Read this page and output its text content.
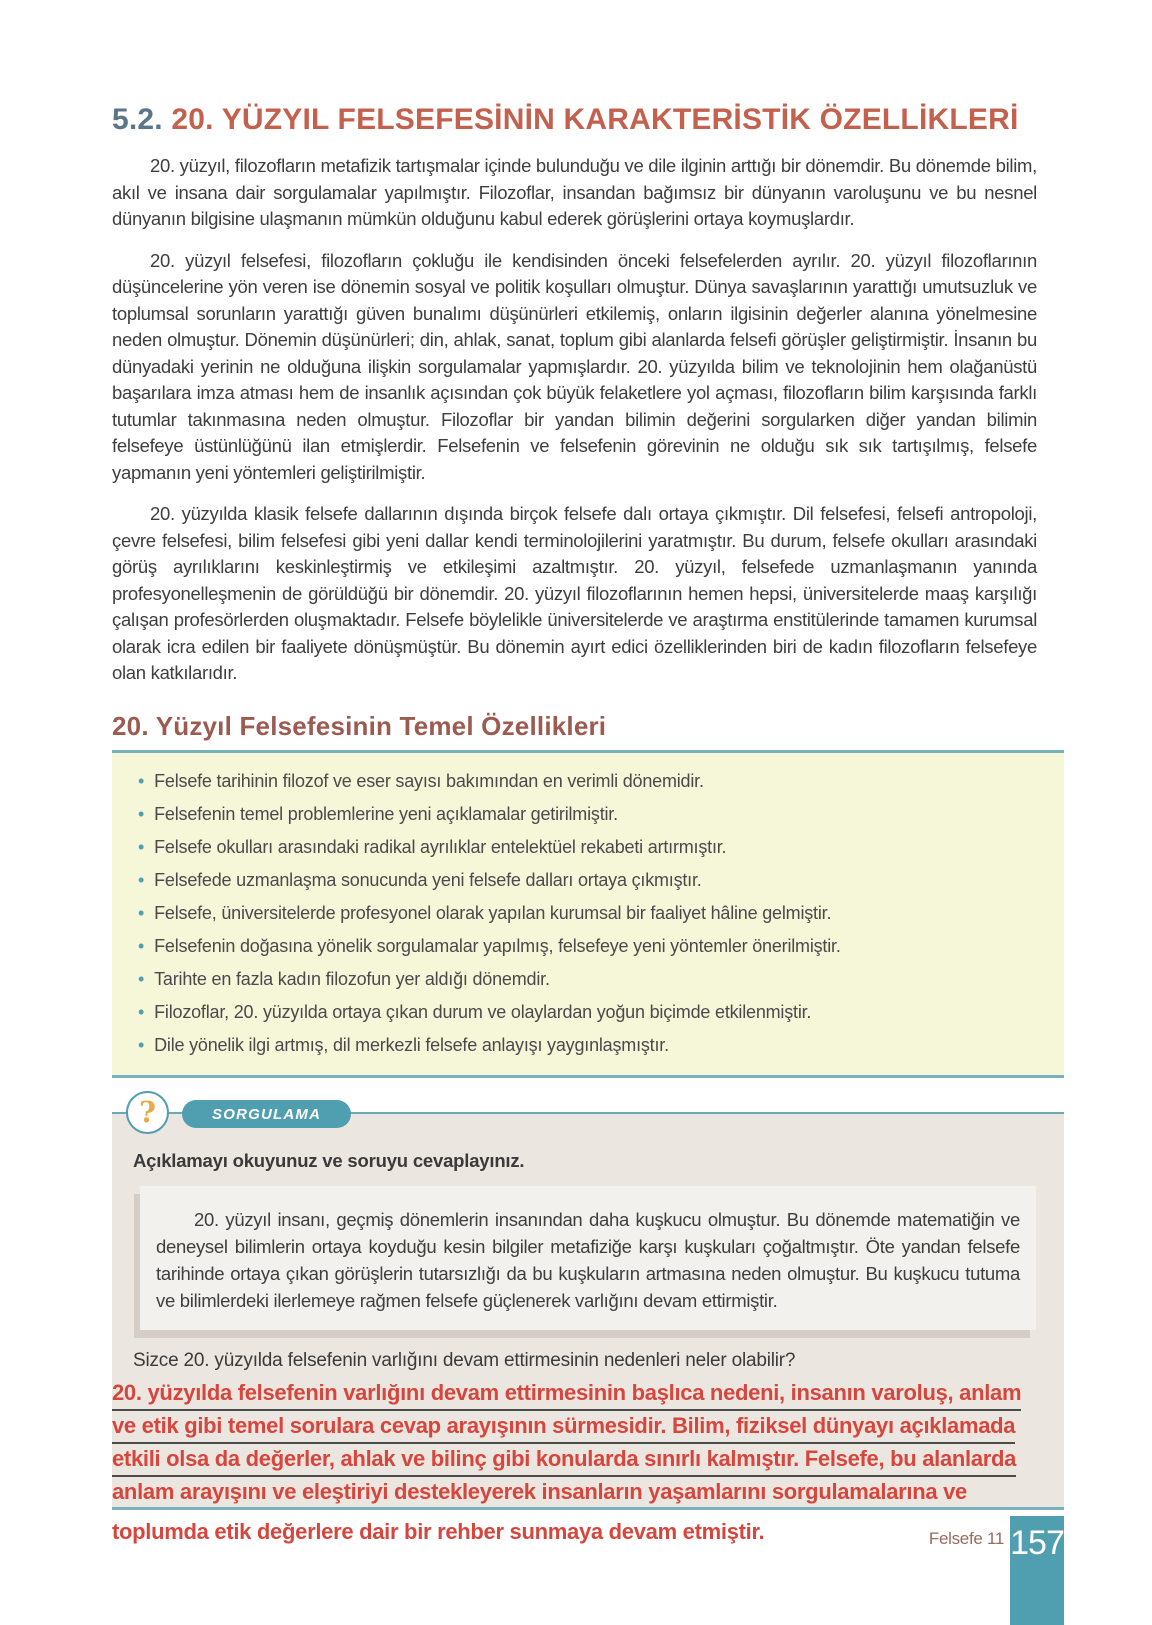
5.2. 20. YÜZYIL FELSEFESİNİN KARAKTERİSTİK ÖZELLİKLERİ

20. yüzyıl, filozofların metafizik tartışmalar içinde bulunduğu ve dile ilginin arttığı bir dönemdir. Bu dönemde bilim, akıl ve insana dair sorgulamalar yapılmıştır. Filozoflar, insandan bağımsız bir dünyanın varoluşunu ve bu nesnel dünyanın bilgisine ulaşmanın mümkün olduğunu kabul ederek görüşlerini ortaya koymuşlardır.

20. yüzyıl felsefesi, filozofların çokluğu ile kendisinden önceki felsefelerden ayrılır. 20. yüzyıl filozoflarının düşüncelerine yön veren ise dönemin sosyal ve politik koşulları olmuştur. Dünya savaşlarının yarattığı umutsuzluk ve toplumsal sorunların yarattığı güven bunalımı düşünürleri etkilemiş, onların ilgisinin değerler alanına yönelmesine neden olmuştur. Dönemin düşünürleri; din, ahlak, sanat, toplum gibi alanlarda felsefi görüşler geliştirmiştir. İnsanın bu dünyadaki yerinin ne olduğuna ilişkin sorgulamalar yapmışlardır. 20. yüzyılda bilim ve teknolojinin hem olağanüstü başarılara imza atması hem de insanlık açısından çok büyük felaketlere yol açması, filozofların bilim karşısında farklı tutumlar takınmasına neden olmuştur. Filozoflar bir yandan bilimin değerini sorgularken diğer yandan bilimin felsefeye üstünlüğünü ilan etmişlerdir. Felsefenin ve felsefenin görevinin ne olduğu sık sık tartışılmış, felsefe yapmanın yeni yöntemleri geliştirilmiştir.

20. yüzyılda klasik felsefe dallarının dışında birçok felsefe dalı ortaya çıkmıştır. Dil felsefesi, felsefi antropoloji, çevre felsefesi, bilim felsefesi gibi yeni dallar kendi terminolojilerini yaratmıştır. Bu durum, felsefe okulları arasındaki görüş ayrılıklarını keskinleştirmiş ve etkileşimi azaltmıştır. 20. yüzyıl, felsefede uzmanlaşmanın yanında profesyonelleşmenin de görüldüğü bir dönemdir. 20. yüzyıl filozoflarının hemen hepsi, üniversitelerde maaş karşılığı çalışan profesörlerden oluşmaktadır. Felsefe böylelikle üniversitelerde ve araştırma enstitülerinde tamamen kurumsal olarak icra edilen bir faaliyete dönüşmüştür. Bu dönemin ayırt edici özelliklerinden biri de kadın filozofların felsefeye olan katkılarıdır.

20. Yüzyıl Felsefesinin Temel Özellikleri
• Felsefe tarihinin filozof ve eser sayısı bakımından en verimli dönemidir.
• Felsefenin temel problemlerine yeni açıklamalar getirilmiştir.
• Felsefe okulları arasındaki radikal ayrılıklar entelektüel rekabeti artırmıştır.
• Felsefede uzmanlaşma sonucunda yeni felsefe dalları ortaya çıkmıştır.
• Felsefe, üniversitelerde profesyonel olarak yapılan kurumsal bir faaliyet hâline gelmiştir.
• Felsefenin doğasına yönelik sorgulamalar yapılmış, felsefeye yeni yöntemler önerilmiştir.
• Tarihte en fazla kadın filozofun yer aldığı dönemdir.
• Filozoflar, 20. yüzyılda ortaya çıkan durum ve olaylardan yoğun biçimde etkilenmiştir.
• Dile yönelik ilgi artmış, dil merkezli felsefe anlayışı yaygınlaşmıştır.
?	SORGULAMA
Açıklamayı okuyunuz ve soruyu cevaplayınız.
20. yüzyıl insanı, geçmiş dönemlerin insanından daha kuşkucu olmuştur. Bu dönemde matematiğin ve deneysel bilimlerin ortaya koyduğu kesin bilgiler metafiziğe karşı kuşkuları çoğaltmıştır. Öte yandan felsefe tarihinde ortaya çıkan görüşlerin tutarsızlığı da bu kuşkuların artmasına neden olmuştur. Bu kuşkucu tutuma ve bilimlerdeki ilerlemeye rağmen felsefe güçlenerek varlığını devam ettirmiştir.
Sizce 20. yüzyılda felsefenin varlığını devam ettirmesinin nedenleri neler olabilir?
20. yüzyılda felsefenin varlığını devam ettirmesinin başlıca nedeni, insanın varoluş, anlam
ve etik gibi temel sorulara cevap arayışının sürmesidir. Bilim, fiziksel dünyayı açıklamada
etkili olsa da değerler, ahlak ve bilinç gibi konularda sınırlı kalmıştır. Felsefe, bu alanlarda
anlam arayışını ve eleştiriyi destekleyerek insanların yaşamlarını sorgulamalarına ve
toplumda etik değerlere dair bir rehber sunmaya devam etmiştir.	Felsefe 11 157
